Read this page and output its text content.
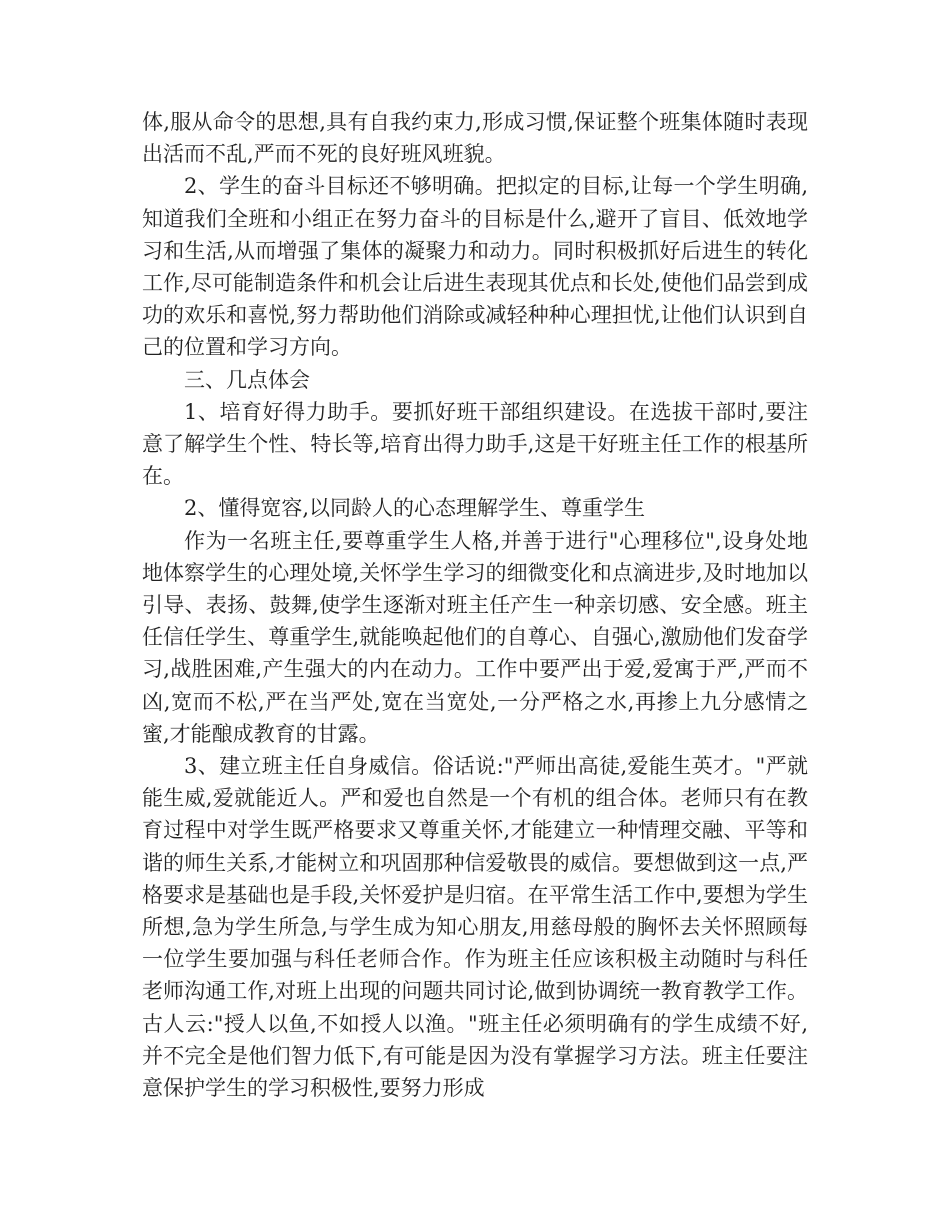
体,服从命令的思想,具有自我约束力,形成习惯,保证整个班集体随时表现出活而不乱,严而不死的良好班风班貌。

2、学生的奋斗目标还不够明确。把拟定的目标,让每一个学生明确,知道我们全班和小组正在努力奋斗的目标是什么,避开了盲目、低效地学习和生活,从而增强了集体的凝聚力和动力。同时积极抓好后进生的转化工作,尽可能制造条件和机会让后进生表现其优点和长处,使他们品尝到成功的欢乐和喜悦,努力帮助他们消除或减轻种种心理担忧,让他们认识到自己的位置和学习方向。

三、几点体会

1、培育好得力助手。要抓好班干部组织建设。在选拔干部时,要注意了解学生个性、特长等,培育出得力助手,这是干好班主任工作的根基所在。

2、懂得宽容,以同龄人的心态理解学生、尊重学生

作为一名班主任,要尊重学生人格,并善于进行"心理移位",设身处地地体察学生的心理处境,关怀学生学习的细微变化和点滴进步,及时地加以引导、表扬、鼓舞,使学生逐渐对班主任产生一种亲切感、安全感。班主任信任学生、尊重学生,就能唤起他们的自尊心、自强心,激励他们发奋学习,战胜困难,产生强大的内在动力。工作中要严出于爱,爱寓于严,严而不凶,宽而不松,严在当严处,宽在当宽处,一分严格之水,再掺上九分感情之蜜,才能酿成教育的甘露。

3、建立班主任自身威信。俗话说:"严师出高徒,爱能生英才。"严就能生威,爱就能近人。严和爱也自然是一个有机的组合体。老师只有在教育过程中对学生既严格要求又尊重关怀,才能建立一种情理交融、平等和谐的师生关系,才能树立和巩固那种信爱敬畏的威信。要想做到这一点,严格要求是基础也是手段,关怀爱护是归宿。在平常生活工作中,要想为学生所想,急为学生所急,与学生成为知心朋友,用慈母般的胸怀去关怀照顾每一位学生要加强与科任老师合作。作为班主任应该积极主动随时与科任老师沟通工作,对班上出现的问题共同讨论,做到协调统一教育教学工作。古人云:"授人以鱼,不如授人以渔。"班主任必须明确有的学生成绩不好,并不完全是他们智力低下,有可能是因为没有掌握学习方法。班主任要注意保护学生的学习积极性,要努力形成
